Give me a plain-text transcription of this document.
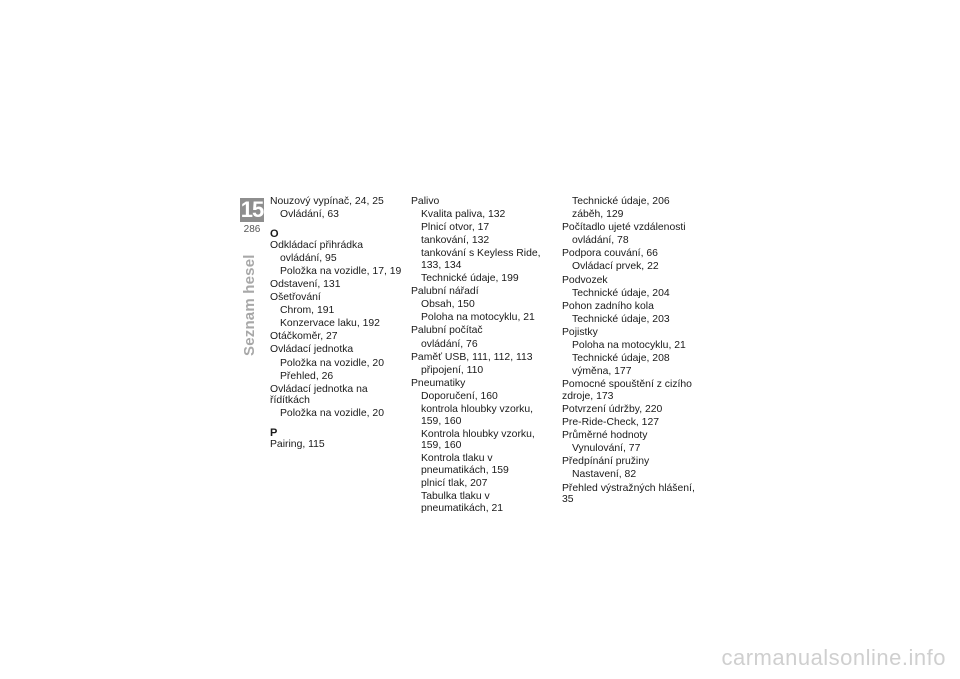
15
286
Seznam hesel
Nouzový vypínač, 24, 25
Ovládání, 63
O
Odkládací přihrádka
ovládání, 95
Položka na vozidle, 17, 19
Odstavení, 131
Ošetřování
Chrom, 191
Konzervace laku, 192
Otáčkoměr, 27
Ovládací jednotka
Položka na vozidle, 20
Přehled, 26
Ovládací jednotka na řídítkách
Položka na vozidle, 20
P
Pairing, 115
Palivo
Kvalita paliva, 132
Plnicí otvor, 17
tankování, 132
tankování s Keyless Ride, 133, 134
Technické údaje, 199
Palubní nářadí
Obsah, 150
Poloha na motocyklu, 21
Palubní počítač
ovládání, 76
Paměť USB, 111, 112, 113
připojení, 110
Pneumatiky
Doporučení, 160
kontrola hloubky vzorku, 159, 160
Kontrola hloubky vzorku, 159, 160
Kontrola tlaku v pneumatikách, 159
plnicí tlak, 207
Tabulka tlaku v pneumatikách, 21
Technické údaje, 206
záběh, 129
Počítadlo ujeté vzdálenosti
ovládání, 78
Podpora couvání, 66
Ovládací prvek, 22
Podvozek
Technické údaje, 204
Pohon zadního kola
Technické údaje, 203
Pojistky
Poloha na motocyklu, 21
Technické údaje, 208
výměna, 177
Pomocné spouštění z cizího zdroje, 173
Potvrzení údržby, 220
Pre-Ride-Check, 127
Průměrné hodnoty
Vynulování, 77
Předpínání pružiny
Nastavení, 82
Přehled výstražných hlášení, 35
carmanualsonline.info
